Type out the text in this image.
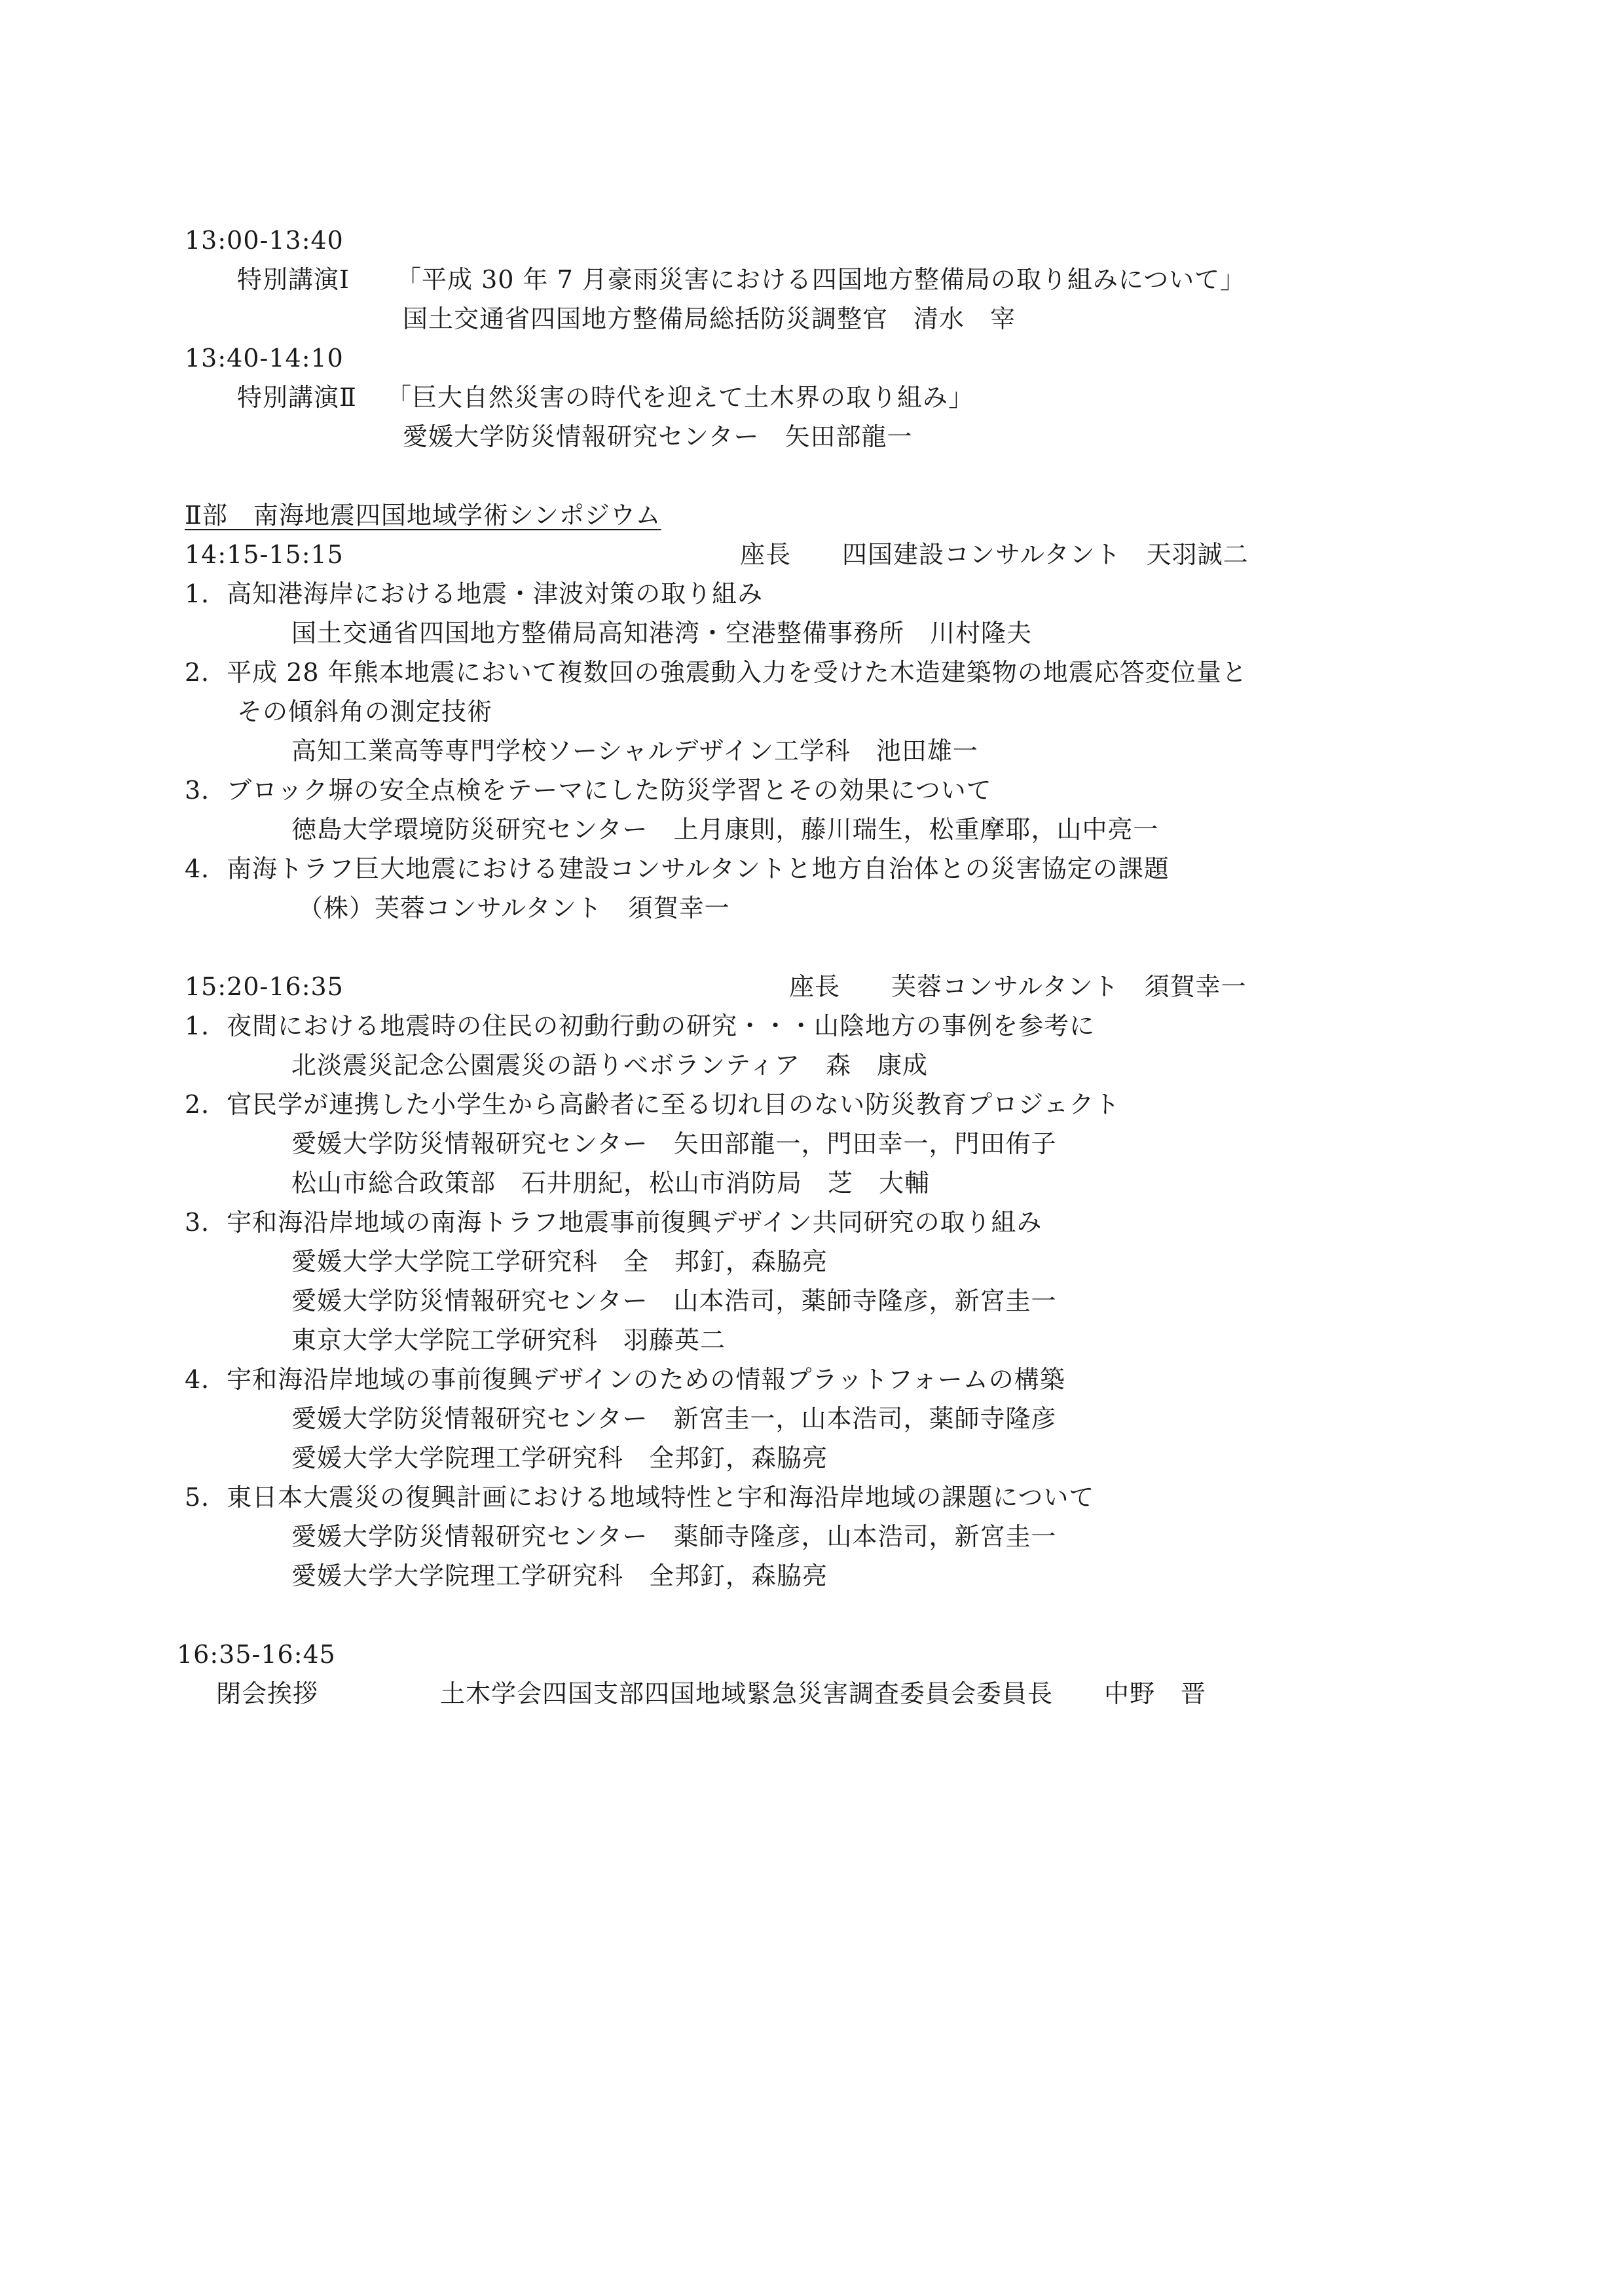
13:00-13:40
特別講演Ⅰ 「平成 30 年 7 月豪雨災害における四国地方整備局の取り組みについて」
国土交通省四国地方整備局総括防災調整官　清水　宰
13:40-14:10
特別講演Ⅱ 「巨大自然災害の時代を迎えて土木界の取り組み」
愛媛大学防災情報研究センター　矢田部龍一
Ⅱ部　南海地震四国地域学術シンポジウム
14:15-15:15	座長　　四国建設コンサルタント　天羽誠二
1．高知港海岸における地震・津波対策の取り組み
国土交通省四国地方整備局高知港湾・空港整備事務所　川村隆夫
2．平成 28 年熊本地震において複数回の強震動入力を受けた木造建築物の地震応答変位量と
その傾斜角の測定技術
高知工業高等専門学校ソーシャルデザイン工学科　池田雄一
3．ブロック塀の安全点検をテーマにした防災学習とその効果について
徳島大学環境防災研究センター　上月康則，藤川瑞生，松重摩耶，山中亮一
4．南海トラフ巨大地震における建設コンサルタントと地方自治体との災害協定の課題
（株）芙蓉コンサルタント　須賀幸一
15:20-16:35	座長　　芙蓉コンサルタント　須賀幸一
1．夜間における地震時の住民の初動行動の研究・・・山陰地方の事例を参考に
北淡震災記念公園震災の語りべボランティア　森　康成
2．官民学が連携した小学生から高齢者に至る切れ目のない防災教育プロジェクト
愛媛大学防災情報研究センター　矢田部龍一，門田幸一，門田侑子
松山市総合政策部　石井朋紀，松山市消防局　芝　大輔
3．宇和海沿岸地域の南海トラフ地震事前復興デザイン共同研究の取り組み
愛媛大学大学院工学研究科　全　邦釘，森脇亮
愛媛大学防災情報研究センター　山本浩司，薬師寺隆彦，新宮圭一
東京大学大学院工学研究科　羽藤英二
4．宇和海沿岸地域の事前復興デザインのための情報プラットフォームの構築
愛媛大学防災情報研究センター　新宮圭一，山本浩司，薬師寺隆彦
愛媛大学大学院理工学研究科　全邦釘，森脇亮
5．東日本大震災の復興計画における地域特性と宇和海沿岸地域の課題について
愛媛大学防災情報研究センター　薬師寺隆彦，山本浩司，新宮圭一
愛媛大学大学院理工学研究科　全邦釘，森脇亮
16:35-16:45
閉会挨拶	土木学会四国支部四国地域緊急災害調査委員会委員長　　中野　晋
